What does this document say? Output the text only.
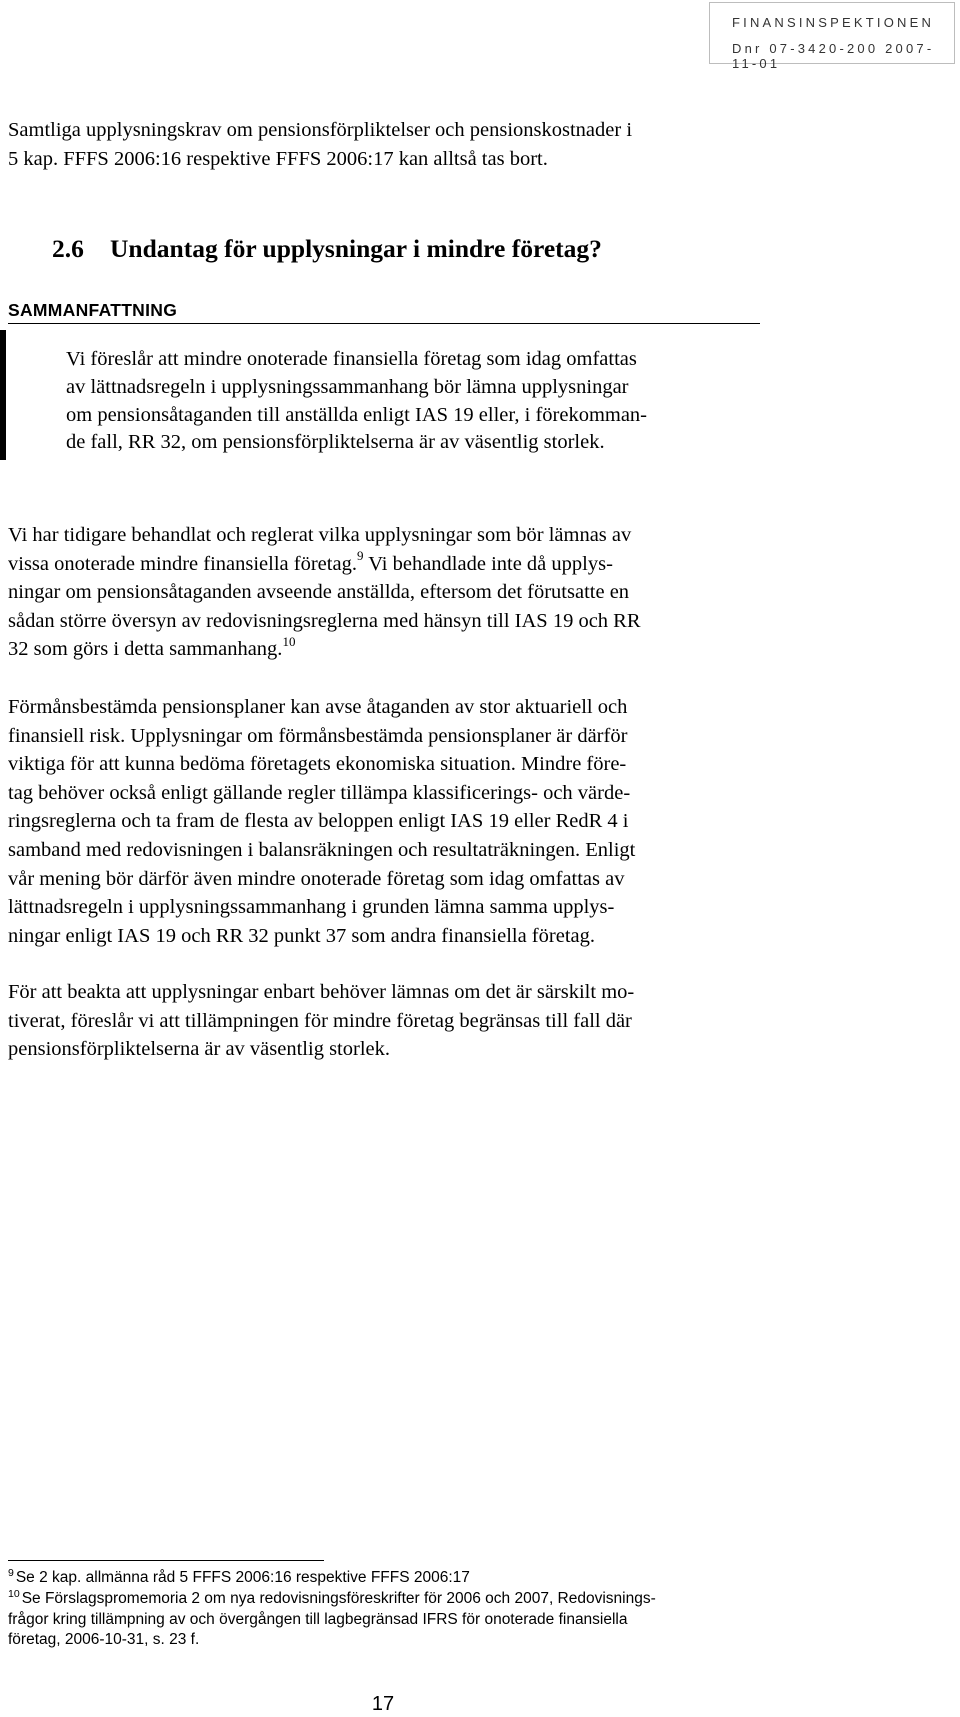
FINANSINSPEKTIONEN
Dnr 07-3420-200 2007-11-01
Samtliga upplysningskrav om pensionsförpliktelser och pensionskostnader i
5 kap. FFFS 2006:16 respektive FFFS 2006:17 kan alltså tas bort.
2.6 Undantag för upplysningar i mindre företag?
SAMMANFATTNING
Vi föreslår att mindre onoterade finansiella företag som idag omfattas
av lättnadsregeln i upplysningssammanhang bör lämna upplysningar
om pensionsåtaganden till anställda enligt IAS 19 eller, i förekomman-
de fall, RR 32, om pensionsförpliktelserna är av väsentlig storlek.
Vi har tidigare behandlat och reglerat vilka upplysningar som bör lämnas av
vissa onoterade mindre finansiella företag.$^9$ Vi behandlade inte då upplys-
ningar om pensionsåtaganden avseende anställda, eftersom det förutsatte en
sådan större översyn av redovisningsreglerna med hänsyn till IAS 19 och RR
32 som görs i detta sammanhang.$^{10}$
Förmånsbestämda pensionsplaner kan avse åtaganden av stor aktuariell och
finansiell risk. Upplysningar om förmånsbestämda pensionsplaner är därför
viktiga för att kunna bedöma företagets ekonomiska situation. Mindre före-
tag behöver också enligt gällande regler tillämpa klassificerings- och värde-
ringsreglerna och ta fram de flesta av beloppen enligt IAS 19 eller RedR 4 i
samband med redovisningen i balansräkningen och resultaträkningen. Enligt
vår mening bör därför även mindre onoterade företag som idag omfattas av
lättnadsregeln i upplysningssammanhang i grunden lämna samma upplys-
ningar enligt IAS 19 och RR 32 punkt 37 som andra finansiella företag.
För att beakta att upplysningar enbart behöver lämnas om det är särskilt mo-
tiverat, föreslår vi att tillämpningen för mindre företag begränsas till fall där
pensionsförpliktelserna är av väsentlig storlek.
$^9$ Se 2 kap. allmänna råd 5 FFFS 2006:16 respektive FFFS 2006:17
$^{10}$ Se Förslagspromemoria 2 om nya redovisningsföreskrifter för 2006 och 2007, Redovisnings-
frågor kring tillämpning av och övergången till lagbegränsad IFRS för onoterade finansiella
företag, 2006-10-31, s. 23 f.
17
